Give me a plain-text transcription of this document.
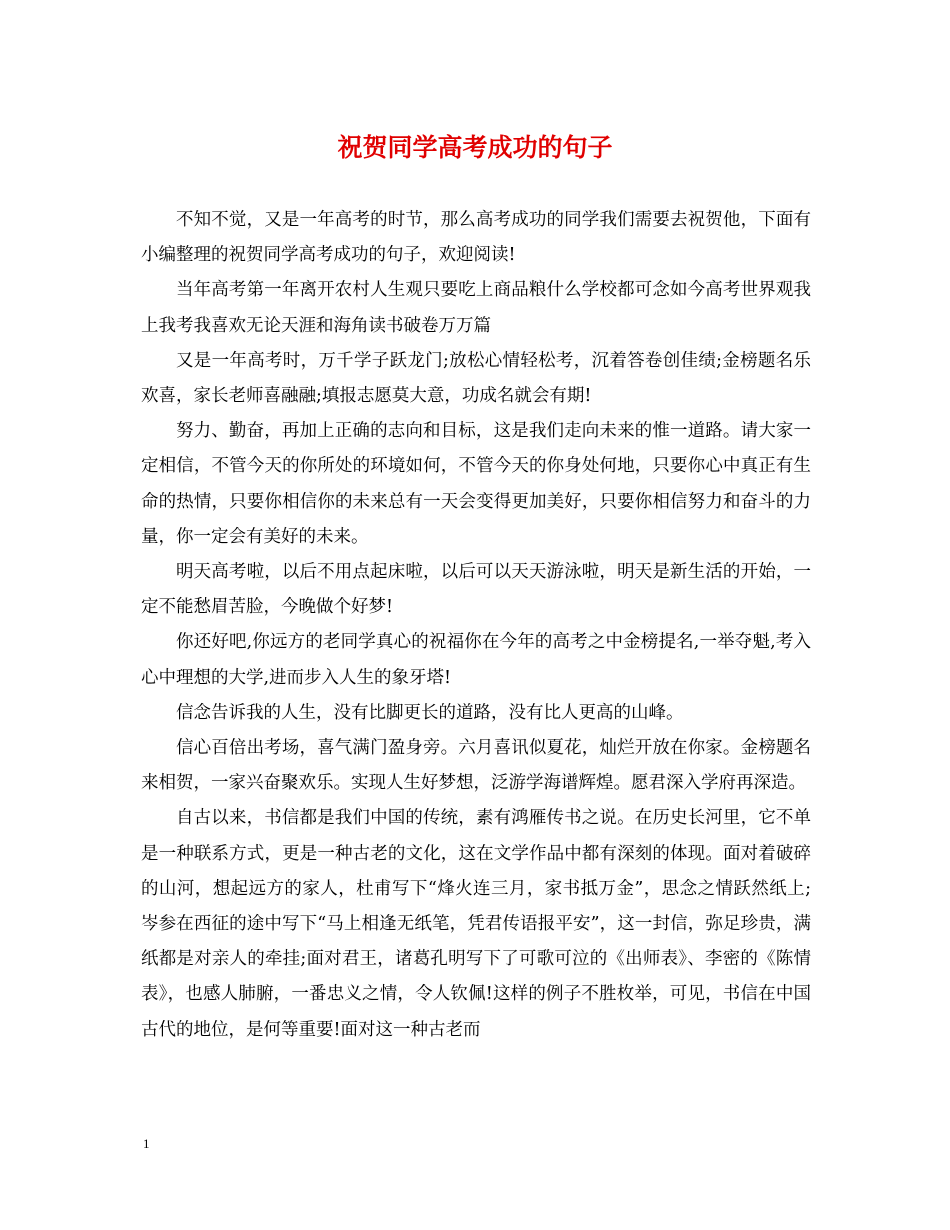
祝贺同学高考成功的句子

不知不觉，又是一年高考的时节，那么高考成功的同学我们需要去祝贺他，下面有小编整理的祝贺同学高考成功的句子，欢迎阅读!

当年高考第一年离开农村人生观只要吃上商品粮什么学校都可念如今高考世界观我上我考我喜欢无论天涯和海角读书破卷万万篇

又是一年高考时，万千学子跃龙门;放松心情轻松考，沉着答卷创佳绩;金榜题名乐欢喜，家长老师喜融融;填报志愿莫大意，功成名就会有期!

努力、勤奋，再加上正确的志向和目标，这是我们走向未来的惟一道路。请大家一定相信，不管今天的你所处的环境如何，不管今天的你身处何地，只要你心中真正有生命的热情，只要你相信你的未来总有一天会变得更加美好，只要你相信努力和奋斗的力量，你一定会有美好的未来。

明天高考啦，以后不用点起床啦，以后可以天天游泳啦，明天是新生活的开始，一定不能愁眉苦脸，今晚做个好梦!

你还好吧,你远方的老同学真心的祝福你在今年的高考之中金榜提名,一举夺魁,考入心中理想的大学,进而步入人生的象牙塔!

信念告诉我的人生，没有比脚更长的道路，没有比人更高的山峰。

信心百倍出考场，喜气满门盈身旁。六月喜讯似夏花，灿烂开放在你家。金榜题名来相贺，一家兴奋聚欢乐。实现人生好梦想，泛游学海谱辉煌。愿君深入学府再深造。

自古以来，书信都是我们中国的传统，素有鸿雁传书之说。在历史长河里，它不单是一种联系方式，更是一种古老的文化，这在文学作品中都有深刻的体现。面对着破碎的山河，想起远方的家人，杜甫写下“烽火连三月，家书抵万金”，思念之情跃然纸上;岑参在西征的途中写下“马上相逢无纸笔，凭君传语报平安”，这一封信，弥足珍贵，满纸都是对亲人的牵挂;面对君王，诸葛孔明写下了可歌可泣的《出师表》、李密的《陈情表》，也感人肺腑，一番忠义之情，令人钦佩!这样的例子不胜枚举，可见，书信在中国古代的地位，是何等重要!面对这一种古老而

1
